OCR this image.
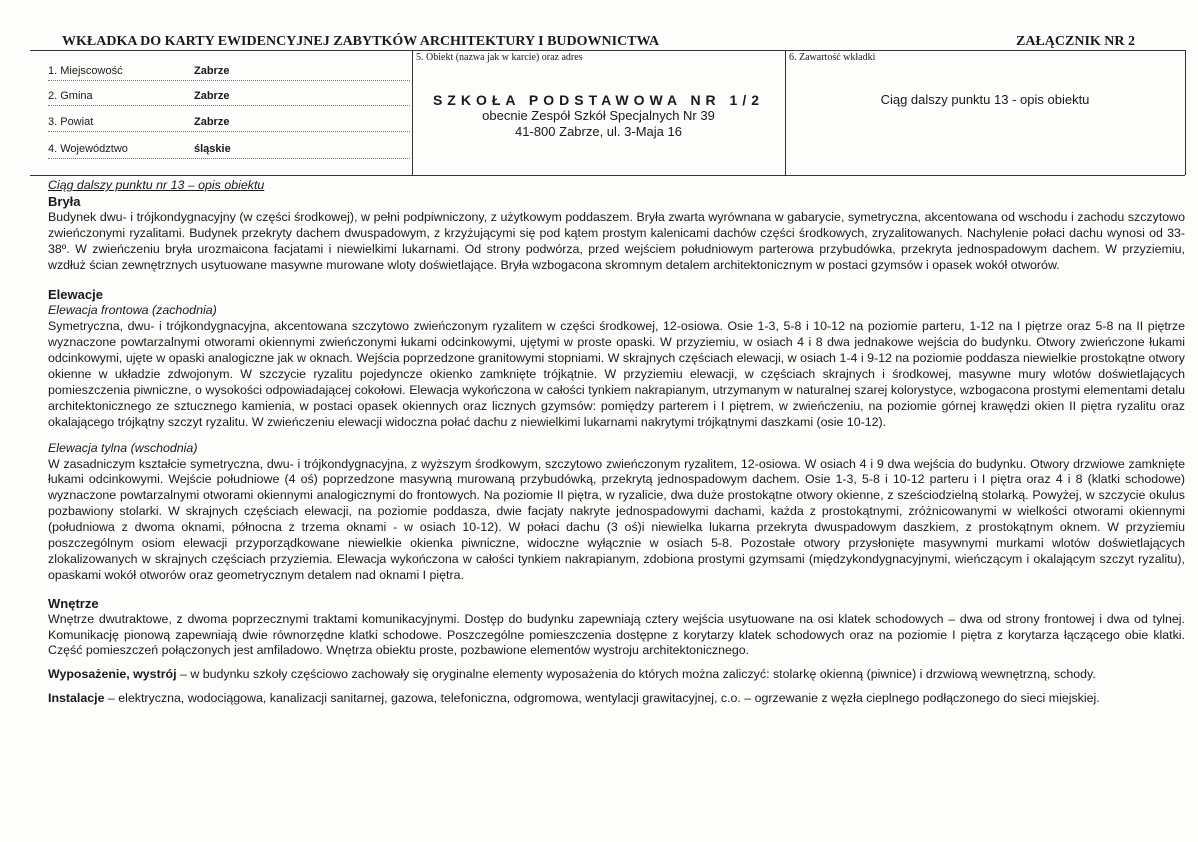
WKŁADKA DO KARTY EWIDENCYJNEJ ZABYTKÓW ARCHITEKTURY I BUDOWNICTWA	ZAŁĄCZNIK NR 2
1. Miejscowość	Zabrze
2. Gmina	Zabrze
3. Powiat	Zabrze
4. Województwo	śląskie
5. Obiekt (nazwa jak w karcie) oraz adres
SZKOŁA PODSTAWOWA NR 1/2
obecnie Zespół Szkół Specjalnych Nr 39
41-800 Zabrze, ul. 3-Maja 16
6. Zawartość wkładki
Ciąg dalszy punktu 13 - opis obiektu

Ciąg dalszy punktu nr 13 – opis obiektu

Bryła

Budynek dwu- i trójkondygnacyjny (w części środkowej), w pełni podpiwniczony, z użytkowym poddaszem. Bryła zwarta wyrównana w gabarycie, symetryczna, akcentowana od wschodu i zachodu szczytowo zwieńczonymi ryzalitami. Budynek przekryty dachem dwuspadowym, z krzyżującymi się pod kątem prostym kalenicami dachów części środkowych, zryzalitowanych. Nachylenie połaci dachu wynosi od 33-38º. W zwieńczeniu bryła urozmaicona facjatami i niewielkimi lukarnami. Od strony podwórza, przed wejściem południowym parterowa przybudówka, przekryta jednospadowym dachem. W przyziemiu, wzdłuż ścian zewnętrznych usytuowane masywne murowane wloty doświetlające. Bryła wzbogacona skromnym detalem architektonicznym w postaci gzymsów i opasek wokół otworów.

Elewacje
Elewacja frontowa (zachodnia)

Symetryczna, dwu- i trójkondygnacyjna, akcentowana szczytowo zwieńczonym ryzalitem w części środkowej, 12-osiowa. Osie 1-3, 5-8 i 10-12 na poziomie parteru, 1-12 na I piętrze oraz 5-8 na II piętrze wyznaczone powtarzalnymi otworami okiennymi zwieńczonymi łukami odcinkowymi, ujętymi w proste opaski. W przyziemiu, w osiach 4 i 8 dwa jednakowe wejścia do budynku. Otwory zwieńczone łukami odcinkowymi, ujęte w opaski analogiczne jak w oknach. Wejścia poprzedzone granitowymi stopniami. W skrajnych częściach elewacji, w osiach 1-4 i 9-12 na poziomie poddasza niewielkie prostokątne otwory okienne w układzie zdwojonym. W szczycie ryzalitu pojedyncze okienko zamknięte trójkątnie. W przyziemiu elewacji, w częściach skrajnych i środkowej, masywne mury wlotów doświetlających pomieszczenia piwniczne, o wysokości odpowiadającej cokołowi. Elewacja wykończona w całości tynkiem nakrapianym, utrzymanym w naturalnej szarej kolorystyce, wzbogacona prostymi elementami detalu architektonicznego ze sztucznego kamienia, w postaci opasek okiennych oraz licznych gzymsów: pomiędzy parterem i I piętrem, w zwieńczeniu, na poziomie górnej krawędzi okien II piętra ryzalitu oraz okalającego trójkątny szczyt ryzalitu. W zwieńczeniu elewacji widoczna połać dachu z niewielkimi lukarnami nakrytymi trójkątnymi daszkami (osie 10-12).

Elewacja tylna (wschodnia)

W zasadniczym kształcie symetryczna, dwu- i trójkondygnacyjna, z wyższym środkowym, szczytowo zwieńczonym ryzalitem, 12-osiowa. W osiach 4 i 9 dwa wejścia do budynku. Otwory drzwiowe zamknięte łukami odcinkowymi. Wejście południowe (4 oś) poprzedzone masywną murowaną przybudówką, przekrytą jednospadowym dachem. Osie 1-3, 5-8 i 10-12 parteru i I piętra oraz 4 i 8 (klatki schodowe) wyznaczone powtarzalnymi otworami okiennymi analogicznymi do frontowych. Na poziomie II piętra, w ryzalicie, dwa duże prostokątne otwory okienne, z sześciodzielną stolarką. Powyżej, w szczycie okulus pozbawiony stolarki. W skrajnych częściach elewacji, na poziomie poddasza, dwie facjaty nakryte jednospadowymi dachami, każda z prostokątnymi, zróżnicowanymi w wielkości otworami okiennymi (południowa z dwoma oknami, północna z trzema oknami - w osiach 10-12). W połaci dachu (3 oś)i niewielka lukarna przekryta dwuspadowym daszkiem, z prostokątnym oknem. W przyziemiu poszczególnym osiom elewacji przyporządkowane niewielkie okienka piwniczne, widoczne wyłącznie w osiach 5-8. Pozostałe otwory przysłonięte masywnymi murkami wlotów doświetlających zlokalizowanych w skrajnych częściach przyziemia. Elewacja wykończona w całości tynkiem nakrapianym, zdobiona prostymi gzymsami (międzykondygnacyjnymi, wieńczącym i okalającym szczyt ryzalitu), opaskami wokół otworów oraz geometrycznym detalem nad oknami I piętra.

Wnętrze

Wnętrze dwutraktowe, z dwoma poprzecznymi traktami komunikacyjnymi. Dostęp do budynku zapewniają cztery wejścia usytuowane na osi klatek schodowych – dwa od strony frontowej i dwa od tylnej. Komunikację pionową zapewniają dwie równorzędne klatki schodowe. Poszczególne pomieszczenia dostępne z korytarzy klatek schodowych oraz na poziomie I piętra z korytarza łączącego obie klatki. Część pomieszczeń połączonych jest amfiladowo. Wnętrza obiektu proste, pozbawione elementów wystroju architektonicznego.

Wyposażenie, wystrój – w budynku szkoły częściowo zachowały się oryginalne elementy wyposażenia do których można zaliczyć: stolarkę okienną (piwnice) i drzwiową wewnętrzną, schody.

Instalacje – elektryczna, wodociągowa, kanalizacji sanitarnej, gazowa, telefoniczna, odgromowa, wentylacji grawitacyjnej, c.o. – ogrzewanie z węzła cieplnego podłączonego do sieci miejskiej.
